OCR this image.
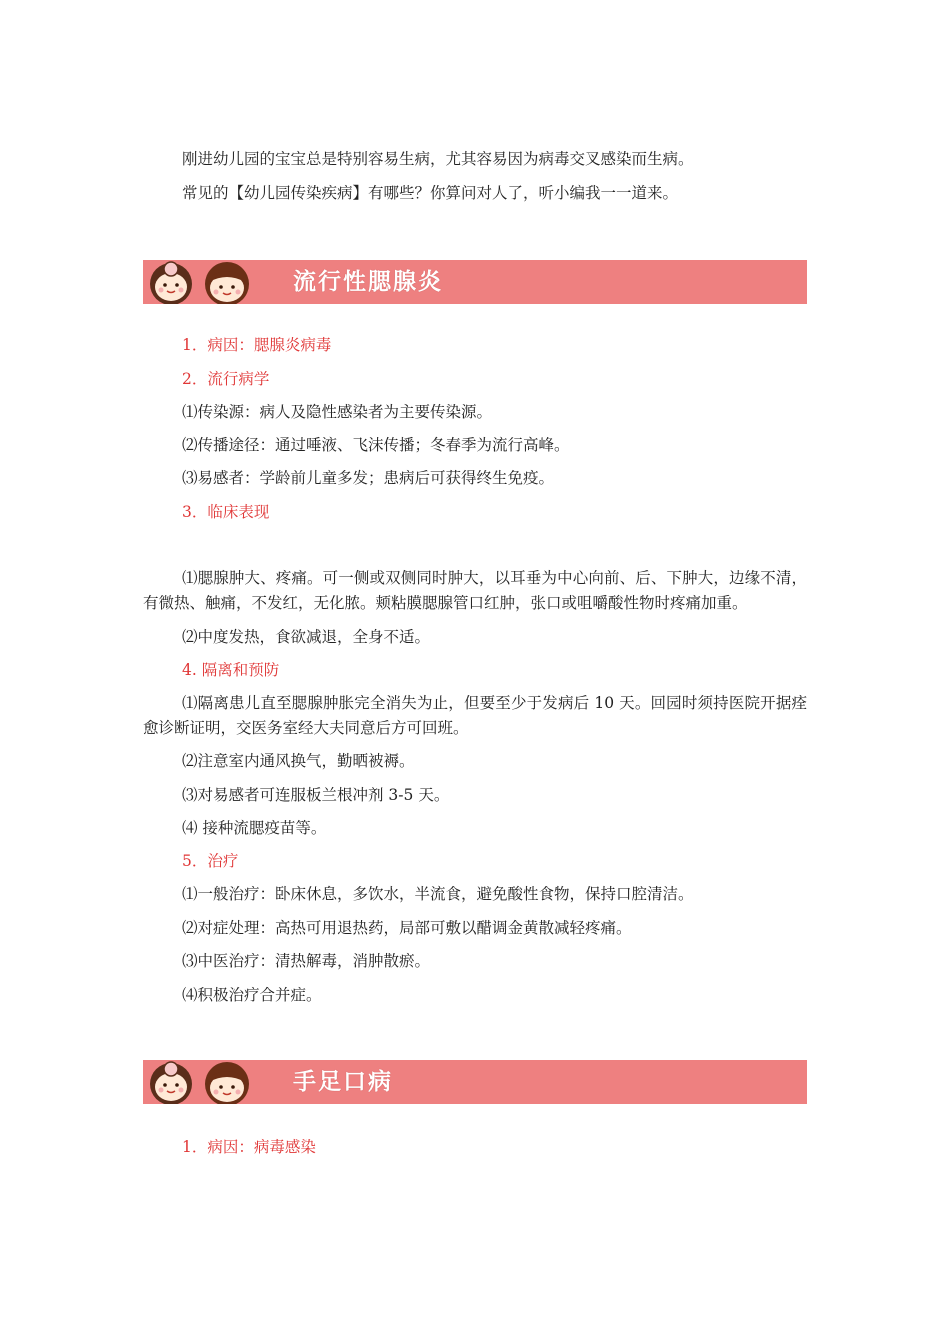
刚进幼儿园的宝宝总是特别容易生病，尤其容易因为病毒交叉感染而生病。
常见的【幼儿园传染疾病】有哪些？你算问对人了，听小编我一一道来。
流行性腮腺炎
1．病因：腮腺炎病毒
2．流行病学
⑴传染源：病人及隐性感染者为主要传染源。
⑵传播途径：通过唾液、飞沫传播；冬春季为流行高峰。
⑶易感者：学龄前儿童多发；患病后可获得终生免疫。
3．临床表现
⑴腮腺肿大、疼痛。可一侧或双侧同时肿大，以耳垂为中心向前、后、下肿大，边缘不清，有微热、触痛，不发红，无化脓。颊粘膜腮腺管口红肿，张口或咀嚼酸性物时疼痛加重。
⑵中度发热，食欲减退，全身不适。
4. 隔离和预防
⑴隔离患儿直至腮腺肿胀完全消失为止，但要至少于发病后 10 天。回园时须持医院开据痊愈诊断证明，交医务室经大夫同意后方可回班。
⑵注意室内通风换气，勤晒被褥。
⑶对易感者可连服板兰根冲剂 3-5 天。
⑷ 接种流腮疫苗等。
5．治疗
⑴一般治疗：卧床休息，多饮水，半流食，避免酸性食物，保持口腔清洁。
⑵对症处理：高热可用退热药，局部可敷以醋调金黄散减轻疼痛。
⑶中医治疗：清热解毒，消肿散瘀。
⑷积极治疗合并症。
手足口病
1．病因：病毒感染
